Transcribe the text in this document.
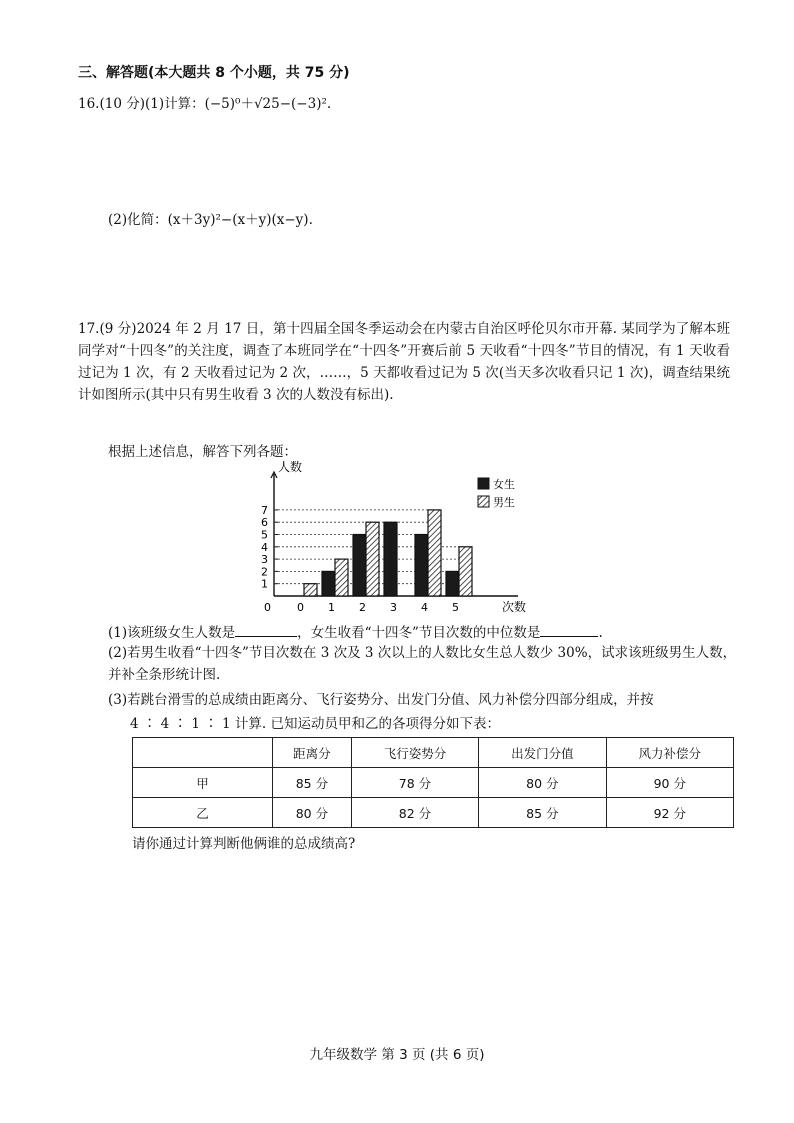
三、解答题(本大题共 8 个小题，共 75 分)
16.(10 分)(1)计算：(−5)⁰＋√25−(−3)².
(2)化简：(x＋3y)²−(x＋y)(x−y).
17.(9 分)2024 年 2 月 17 日，第十四届全国冬季运动会在内蒙古自治区呼伦贝尔市开幕. 某同学为了解本班同学对“十四冬”的关注度，调查了本班同学在“十四冬”开赛后前 5 天收看“十四冬”节目的情况，有 1 天收看过记为 1 次，有 2 天收看过记为 2 次，……，5 天都收看过记为 5 次(当天多次收看只记 1 次)，调查结果统计如图所示(其中只有男生收看 3 次的人数没有标出).
根据上述信息，解答下列各题：
人数
次数
1
2
3
4
5
6
7
0 0 1 2 3 4 5
女生
男生
(1)该班级女生人数是	，女生收看“十四冬”节目次数的中位数是	.
(2)若男生收看“十四冬”节目次数在 3 次及 3 次以上的人数比女生总人数少 30%，试求该班级男生人数，并补全条形统计图.
(3)若跳台滑雪的总成绩由距离分、飞行姿势分、出发门分值、风力补偿分四部分组成，并按
4 ∶ 4 ∶ 1 ∶ 1 计算. 已知运动员甲和乙的各项得分如下表：
	距离分	飞行姿势分	出发门分值	风力补偿分
甲	85 分	78 分	80 分	90 分
乙	80 分	82 分	85 分	92 分
请你通过计算判断他俩谁的总成绩高?
九年级数学 第 3 页 (共 6 页)
